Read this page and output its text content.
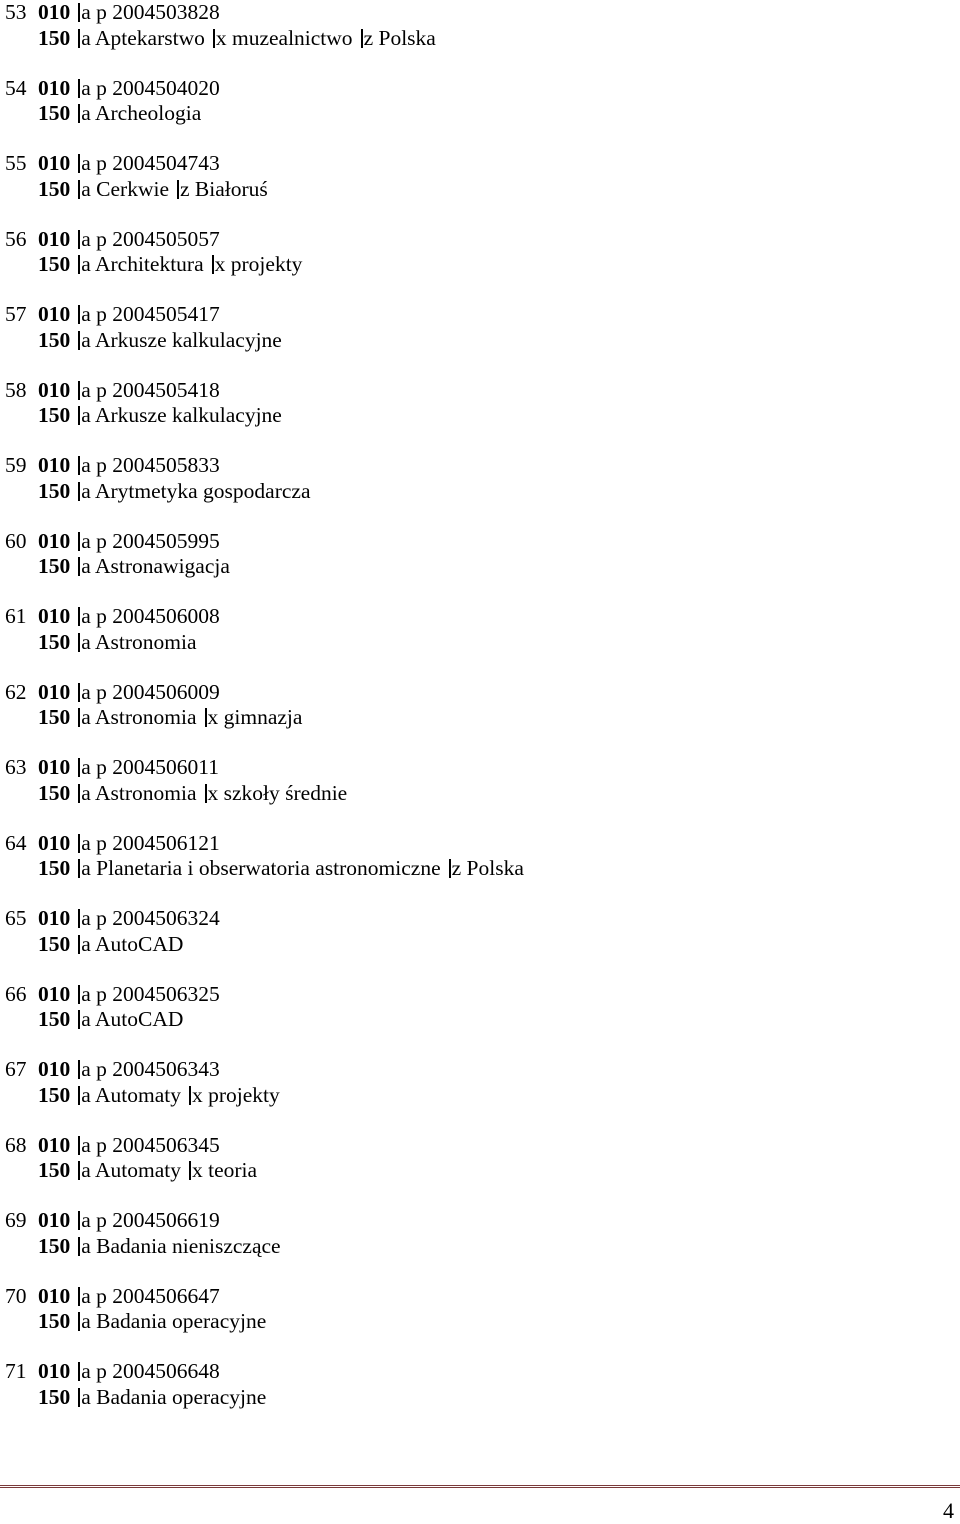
53 010 a p 2004503828
150 a Aptekarstwo x muzealnictwo z Polska
54 010 a p 2004504020
150 a Archeologia
55 010 a p 2004504743
150 a Cerkwie z Białoruś
56 010 a p 2004505057
150 a Architektura x projekty
57 010 a p 2004505417
150 a Arkusze kalkulacyjne
58 010 a p 2004505418
150 a Arkusze kalkulacyjne
59 010 a p 2004505833
150 a Arytmetyka gospodarcza
60 010 a p 2004505995
150 a Astronawigacja
61 010 a p 2004506008
150 a Astronomia
62 010 a p 2004506009
150 a Astronomia x gimnazja
63 010 a p 2004506011
150 a Astronomia x szkoły średnie
64 010 a p 2004506121
150 a Planetaria i obserwatoria astronomiczne z Polska
65 010 a p 2004506324
150 a AutoCAD
66 010 a p 2004506325
150 a AutoCAD
67 010 a p 2004506343
150 a Automaty x projekty
68 010 a p 2004506345
150 a Automaty x teoria
69 010 a p 2004506619
150 a Badania nieniszczące
70 010 a p 2004506647
150 a Badania operacyjne
71 010 a p 2004506648
150 a Badania operacyjne
4
